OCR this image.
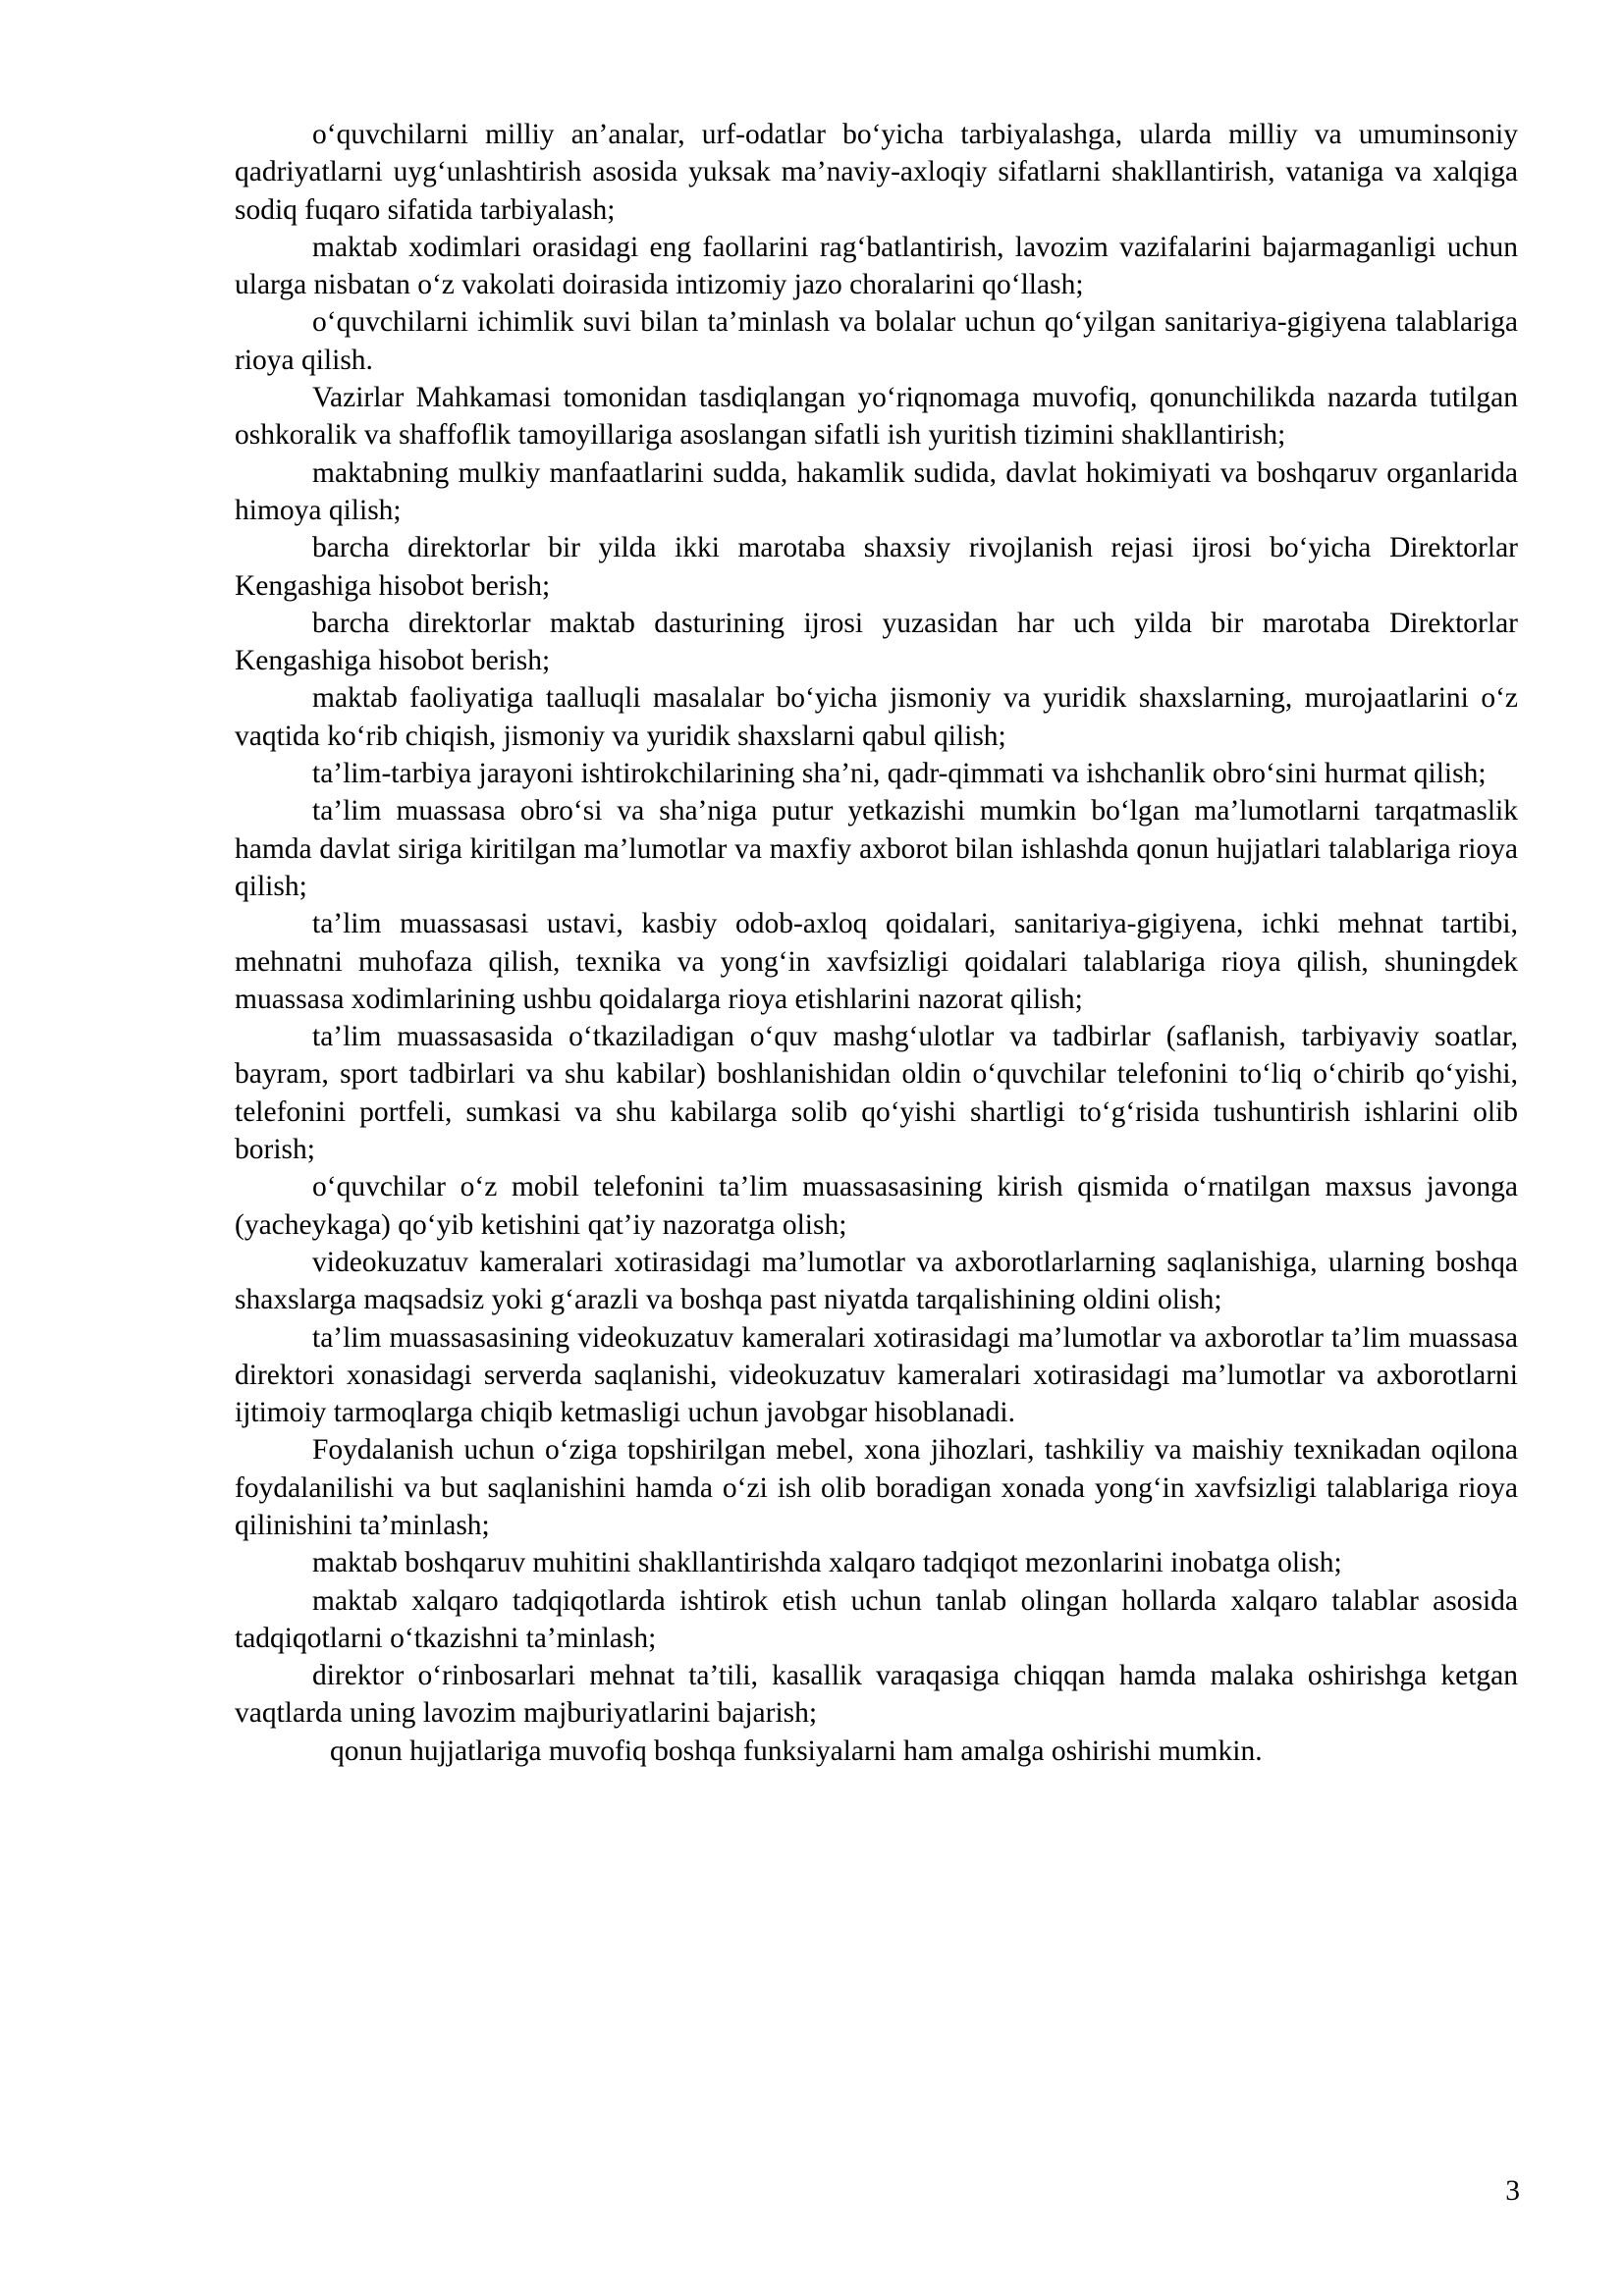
o‘quvchilarni milliy an’analar, urf-odatlar bo‘yicha tarbiyalashga, ularda milliy va umuminsoniy qadriyatlarni uyg‘unlashtirish asosida yuksak ma’naviy-axloqiy sifatlarni shakllantirish, vataniga va xalqiga sodiq fuqaro sifatida tarbiyalash;

maktab xodimlari orasidagi eng faollarini rag‘batlantirish, lavozim vazifalarini bajarmaganligi uchun ularga nisbatan o‘z vakolati doirasida intizomiy jazo choralarini qo‘llash;

o‘quvchilarni ichimlik suvi bilan ta’minlash va bolalar uchun qo‘yilgan sanitariya-gigiyena talablariga rioya qilish.

Vazirlar Mahkamasi tomonidan tasdiqlangan yo‘riqnomaga muvofiq, qonunchilikda nazarda tutilgan oshkoralik va shaffoflik tamoyillariga asoslangan sifatli ish yuritish tizimini shakllantirish;

maktabning mulkiy manfaatlarini sudda, hakamlik sudida, davlat hokimiyati va boshqaruv organlarida himoya qilish;

barcha direktorlar bir yilda ikki marotaba shaxsiy rivojlanish rejasi ijrosi bo‘yicha Direktorlar Kengashiga hisobot berish;

barcha direktorlar maktab dasturining ijrosi yuzasidan har uch yilda bir marotaba Direktorlar Kengashiga hisobot berish;

maktab faoliyatiga taalluqli masalalar bo‘yicha jismoniy va yuridik shaxslarning, murojaatlarini o‘z vaqtida ko‘rib chiqish, jismoniy va yuridik shaxslarni qabul qilish;

ta’lim-tarbiya jarayoni ishtirokchilarining sha’ni, qadr-qimmati va ishchanlik obro‘sini hurmat qilish;

ta’lim muassasa obro‘si va sha’niga putur yetkazishi mumkin bo‘lgan ma’lumotlarni tarqatmaslik hamda davlat siriga kiritilgan ma’lumotlar va maxfiy axborot bilan ishlashda qonun hujjatlari talablariga rioya qilish;

ta’lim muassasasi ustavi, kasbiy odob-axloq qoidalari, sanitariya-gigiyena, ichki mehnat tartibi, mehnatni muhofaza qilish, texnika va yong‘in xavfsizligi qoidalari talablariga rioya qilish, shuningdek muassasa xodimlarining ushbu qoidalarga rioya etishlarini nazorat qilish;

ta’lim muassasasida o‘tkaziladigan o‘quv mashg‘ulotlar va tadbirlar (saflanish, tarbiyaviy soatlar, bayram, sport tadbirlari va shu kabilar) boshlanishidan oldin o‘quvchilar telefonini to‘liq o‘chirib qo‘yishi, telefonini portfeli, sumkasi va shu kabilarga solib qo‘yishi shartligi to‘g‘risida tushuntirish ishlarini olib borish;

o‘quvchilar o‘z mobil telefonini ta’lim muassasasining kirish qismida o‘rnatilgan maxsus javonga (yacheykaga) qo‘yib ketishini qat’iy nazoratga olish;

videokuzatuv kameralari xotirasidagi ma’lumotlar va axborotlarlarning saqlanishiga, ularning boshqa shaxslarga maqsadsiz yoki g‘arazli va boshqa past niyatda tarqalishining oldini olish;

ta’lim muassasasining videokuzatuv kameralari xotirasidagi ma’lumotlar va axborotlar ta’lim muassasa direktori xonasidagi serverda saqlanishi, videokuzatuv kameralari xotirasidagi ma’lumotlar va axborotlarni ijtimoiy tarmoqlarga chiqib ketmasligi uchun javobgar hisoblanadi.

Foydalanish uchun o‘ziga topshirilgan mebel, xona jihozlari, tashkiliy va maishiy texnikadan oqilona foydalanilishi va but saqlanishini hamda o‘zi ish olib boradigan xonada yong‘in xavfsizligi talablariga rioya qilinishini ta’minlash;

maktab boshqaruv muhitini shakllantirishda xalqaro tadqiqot mezonlarini inobatga olish;

maktab xalqaro tadqiqotlarda ishtirok etish uchun tanlab olingan hollarda xalqaro talablar asosida tadqiqotlarni o‘tkazishni ta’minlash;

direktor o‘rinbosarlari mehnat ta’tili, kasallik varaqasiga chiqqan hamda malaka oshirishga ketgan vaqtlarda uning lavozim majburiyatlarini bajarish;

qonun hujjatlariga muvofiq boshqa funksiyalarni ham amalga oshirishi mumkin.

3
